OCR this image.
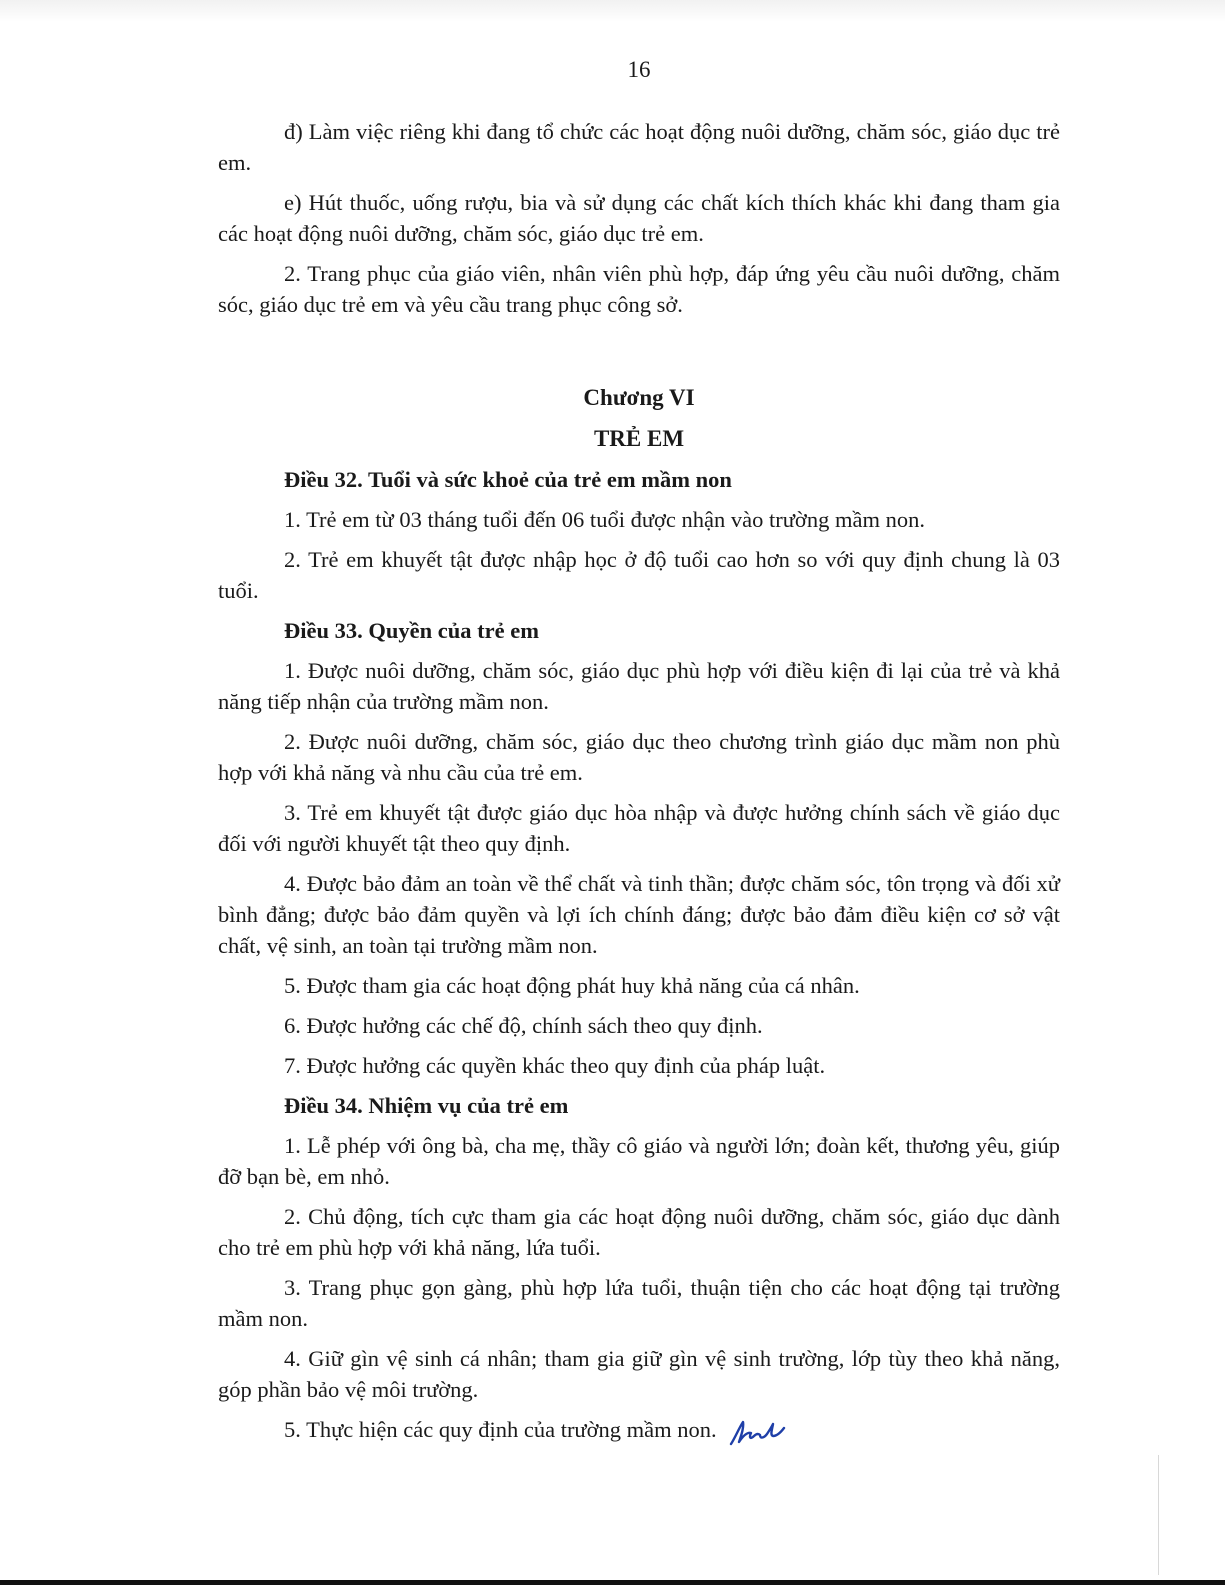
16

đ) Làm việc riêng khi đang tổ chức các hoạt động nuôi dưỡng, chăm sóc, giáo dục trẻ em.

e) Hút thuốc, uống rượu, bia và sử dụng các chất kích thích khác khi đang tham gia các hoạt động nuôi dưỡng, chăm sóc, giáo dục trẻ em.

2. Trang phục của giáo viên, nhân viên phù hợp, đáp ứng yêu cầu nuôi dưỡng, chăm sóc, giáo dục trẻ em và yêu cầu trang phục công sở.

Chương VI
TRẺ EM
Điều 32. Tuổi và sức khoẻ của trẻ em mầm non

1. Trẻ em từ 03 tháng tuổi đến 06 tuổi được nhận vào trường mầm non.

2. Trẻ em khuyết tật được nhập học ở độ tuổi cao hơn so với quy định chung là 03 tuổi.

Điều 33. Quyền của trẻ em

1. Được nuôi dưỡng, chăm sóc, giáo dục phù hợp với điều kiện đi lại của trẻ và khả năng tiếp nhận của trường mầm non.

2. Được nuôi dưỡng, chăm sóc, giáo dục theo chương trình giáo dục mầm non phù hợp với khả năng và nhu cầu của trẻ em.

3. Trẻ em khuyết tật được giáo dục hòa nhập và được hưởng chính sách về giáo dục đối với người khuyết tật theo quy định.

4. Được bảo đảm an toàn về thể chất và tinh thần; được chăm sóc, tôn trọng và đối xử bình đẳng; được bảo đảm quyền và lợi ích chính đáng; được bảo đảm điều kiện cơ sở vật chất, vệ sinh, an toàn tại trường mầm non.

5. Được tham gia các hoạt động phát huy khả năng của cá nhân.

6. Được hưởng các chế độ, chính sách theo quy định.

7. Được hưởng các quyền khác theo quy định của pháp luật.

Điều 34. Nhiệm vụ của trẻ em

1. Lễ phép với ông bà, cha mẹ, thầy cô giáo và người lớn; đoàn kết, thương yêu, giúp đỡ bạn bè, em nhỏ.

2. Chủ động, tích cực tham gia các hoạt động nuôi dưỡng, chăm sóc, giáo dục dành cho trẻ em phù hợp với khả năng, lứa tuổi.

3. Trang phục gọn gàng, phù hợp lứa tuổi, thuận tiện cho các hoạt động tại trường mầm non.

4. Giữ gìn vệ sinh cá nhân; tham gia giữ gìn vệ sinh trường, lớp tùy theo khả năng, góp phần bảo vệ môi trường.

5. Thực hiện các quy định của trường mầm non.
